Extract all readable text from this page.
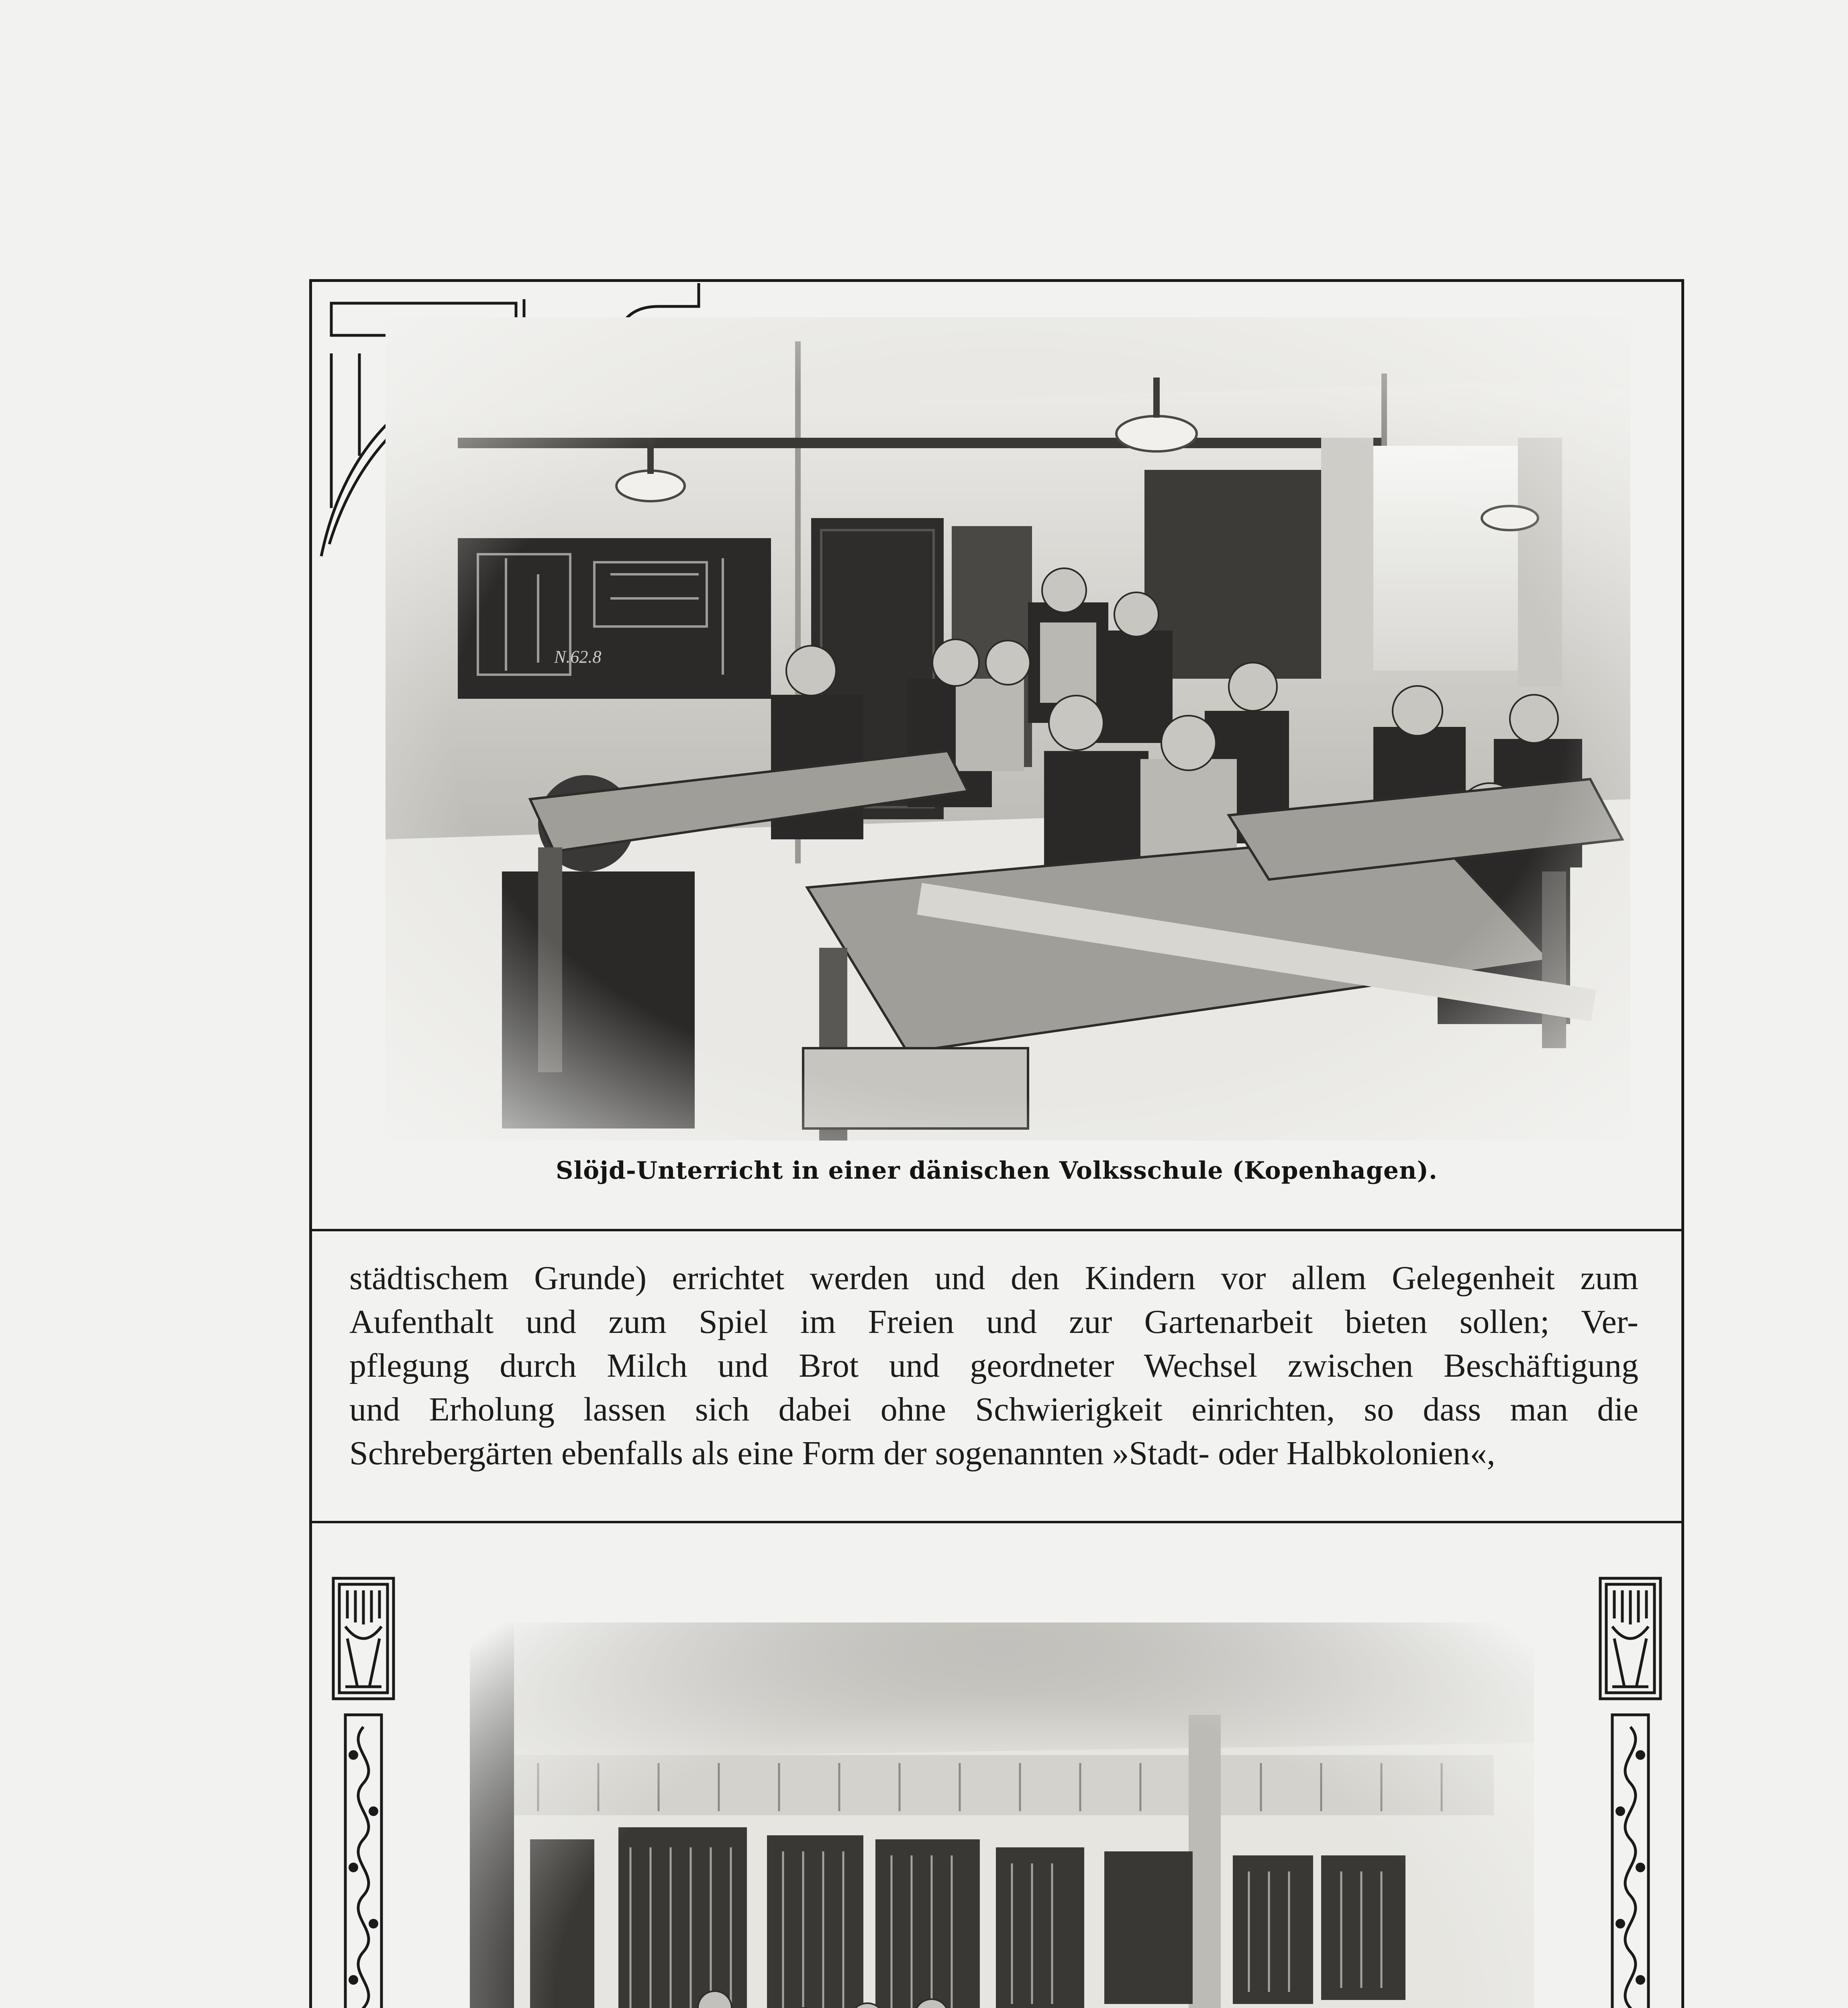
Slöjd-Unterricht in einer dänischen Volksschule (Kopenhagen).
städtischem Grunde) errichtet werden und den Kindern vor allem Gelegenheit zum
Aufenthalt und zum Spiel im Freien und zur Gartenarbeit bieten sollen; Ver-
pflegung durch Milch und Brot und geordneter Wechsel zwischen Beschäftigung
und Erholung lassen sich dabei ohne Schwierigkeit einrichten, so dass man die
Schrebergärten ebenfalls als eine Form der sogenannten »Stadt- oder Halbkolonien«,
